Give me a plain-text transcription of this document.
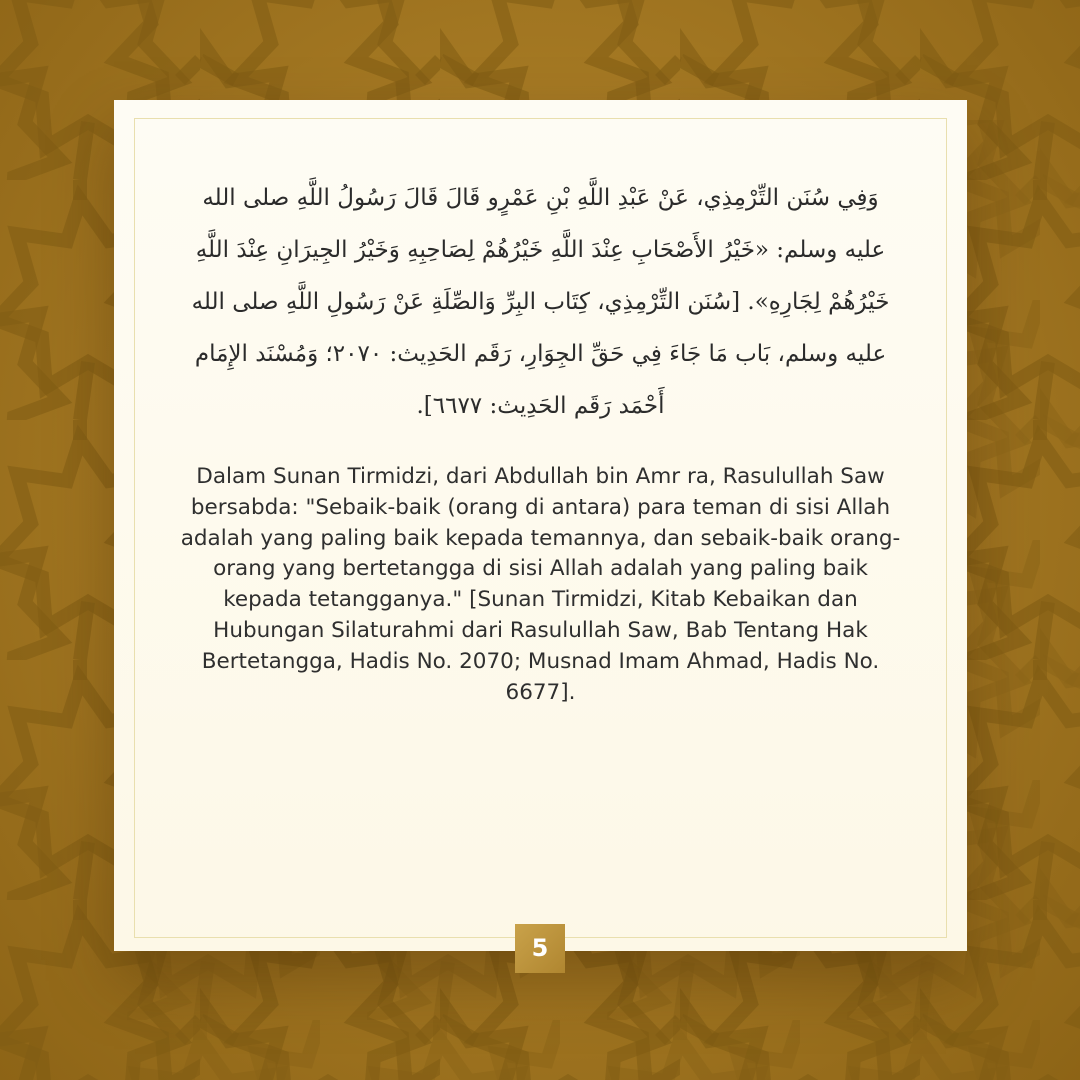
وَفِي سُنَن التِّرْمِذِي، عَنْ عَبْدِ اللَّهِ بْنِ عَمْرٍو قَالَ قَالَ رَسُولُ اللَّهِ صلى الله عليه وسلم: «خَيْرُ الأَصْحَابِ عِنْدَ اللَّهِ خَيْرُهُمْ لِصَاحِبِهِ وَخَيْرُ الجِيرَانِ عِنْدَ اللَّهِ خَيْرُهُمْ لِجَارِهِ». [سُنَن التِّرْمِذِي، كِتَاب البِرِّ وَالصِّلَةِ عَنْ رَسُولِ اللَّهِ صلى الله عليه وسلم، بَاب مَا جَاءَ فِي حَقِّ الجِوَارِ، رَقَم الحَدِيث: ٢٠٧٠؛ وَمُسْنَد الإِمَام أَحْمَد رَقَم الحَدِيث: ٦٦٧٧].
Dalam Sunan Tirmidzi, dari Abdullah bin Amr ra, Rasulullah Saw bersabda: "Sebaik-baik (orang di antara) para teman di sisi Allah adalah yang paling baik kepada temannya, dan sebaik-baik orang-orang yang bertetangga di sisi Allah adalah yang paling baik kepada tetangganya." [Sunan Tirmidzi, Kitab Kebaikan dan Hubungan Silaturahmi dari Rasulullah Saw, Bab Tentang Hak Bertetangga, Hadis No. 2070; Musnad Imam Ahmad, Hadis No. 6677].
5
